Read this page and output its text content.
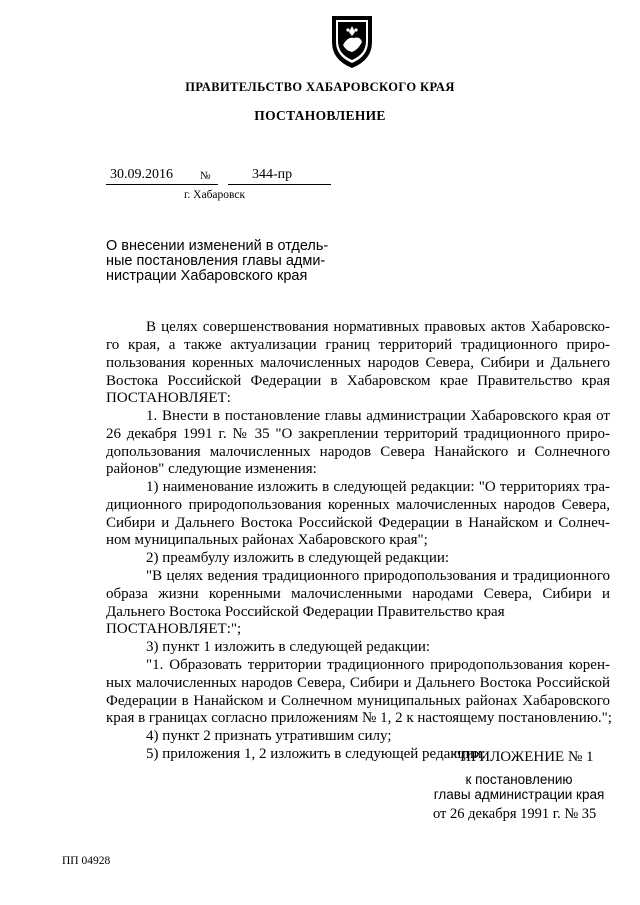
ПРАВИТЕЛЬСТВО ХАБАРОВСКОГО КРАЯ
ПОСТАНОВЛЕНИЕ
30.09.2016 №	344-пр
г. Хабаровск
О внесении изменений в отдель-
ные постановления главы адми-
нистрации Хабаровского края
В целях совершенствования нормативных правовых актов Хабаровско-
го края, а также актуализации границ территорий традиционного приро-
пользования коренных малочисленных народов Севера, Сибири и Дальнего
Востока Российской Федерации в Хабаровском крае Правительство края
ПОСТАНОВЛЯЕТ:
1. Внести в постановление главы администрации Хабаровского края от
26 декабря 1991 г. № 35 "О закреплении территорий традиционного приро-
допользования малочисленных народов Севера Нанайского и Солнечного
районов" следующие изменения:
1) наименование изложить в следующей редакции: "О территориях тра-
диционного природопользования коренных малочисленных народов Севера,
Сибири и Дальнего Востока Российской Федерации в Нанайском и Солнеч-
ном муниципальных районах Хабаровского края";
2) преамбулу изложить в следующей редакции:
"В целях ведения традиционного природопользования и традиционного
образа жизни коренными малочисленными народами Севера, Сибири и
Дальнего Востока Российской Федерации Правительство края
ПОСТАНОВЛЯЕТ:";
3) пункт 1 изложить в следующей редакции:
"1. Образовать территории традиционного природопользования корен-
ных малочисленных народов Севера, Сибири и Дальнего Востока Российской
Федерации в Нанайском и Солнечном муниципальных районах Хабаровского
края в границах согласно приложениям № 1, 2 к настоящему постановлению.";
4) пункт 2 признать утратившим силу;
5) приложения 1, 2 изложить в следующей редакции:
"ПРИЛОЖЕНИЕ № 1
к постановлению
главы администрации края
от 26 декабря 1991 г. № 35
ПП 04928
